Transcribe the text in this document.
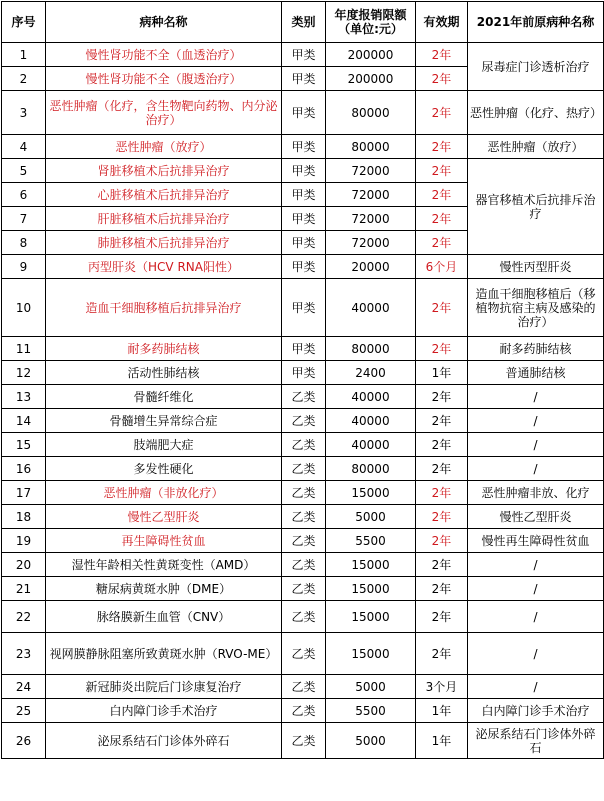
序号	病种名称	类别	年度报销限额（单位:元）	有效期	2021年前原病种名称
1	慢性肾功能不全（血透治疗）	甲类	200000	2年	尿毒症门诊透析治疗
2	慢性肾功能不全（腹透治疗）	甲类	200000	2年	
3	恶性肿瘤（化疗，含生物靶向药物、内分泌治疗）	甲类	80000	2年	恶性肿瘤（化疗、热疗）
4	恶性肿瘤（放疗）	甲类	80000	2年	恶性肿瘤（放疗）
5	肾脏移植术后抗排异治疗	甲类	72000	2年	器官移植术后抗排斥治疗
6	心脏移植术后抗排异治疗	甲类	72000	2年	
7	肝脏移植术后抗排异治疗	甲类	72000	2年	
8	肺脏移植术后抗排异治疗	甲类	72000	2年	
9	丙型肝炎（HCV RNA阳性）	甲类	20000	6个月	慢性丙型肝炎
10	造血干细胞移植后抗排异治疗	甲类	40000	2年	造血干细胞移植后（移植物抗宿主病及感染的治疗）
11	耐多药肺结核	甲类	80000	2年	耐多药肺结核
12	活动性肺结核	甲类	2400	1年	普通肺结核
13	骨髓纤维化	乙类	40000	2年	/
14	骨髓增生异常综合症	乙类	40000	2年	/
15	肢端肥大症	乙类	40000	2年	/
16	多发性硬化	乙类	80000	2年	/
17	恶性肿瘤（非放化疗）	乙类	15000	2年	恶性肿瘤非放、化疗
18	慢性乙型肝炎	乙类	5000	2年	慢性乙型肝炎
19	再生障碍性贫血	乙类	5500	2年	慢性再生障碍性贫血
20	湿性年龄相关性黄斑变性（AMD）	乙类	15000	2年	/
21	糖尿病黄斑水肿（DME）	乙类	15000	2年	/
22	脉络膜新生血管（CNV）	乙类	15000	2年	/
23	视网膜静脉阻塞所致黄斑水肿（RVO-ME）	乙类	15000	2年	/
24	新冠肺炎出院后门诊康复治疗	乙类	5000	3个月	/
25	白内障门诊手术治疗	乙类	5500	1年	白内障门诊手术治疗
26	泌尿系结石门诊体外碎石	乙类	5000	1年	泌尿系结石门诊体外碎石
